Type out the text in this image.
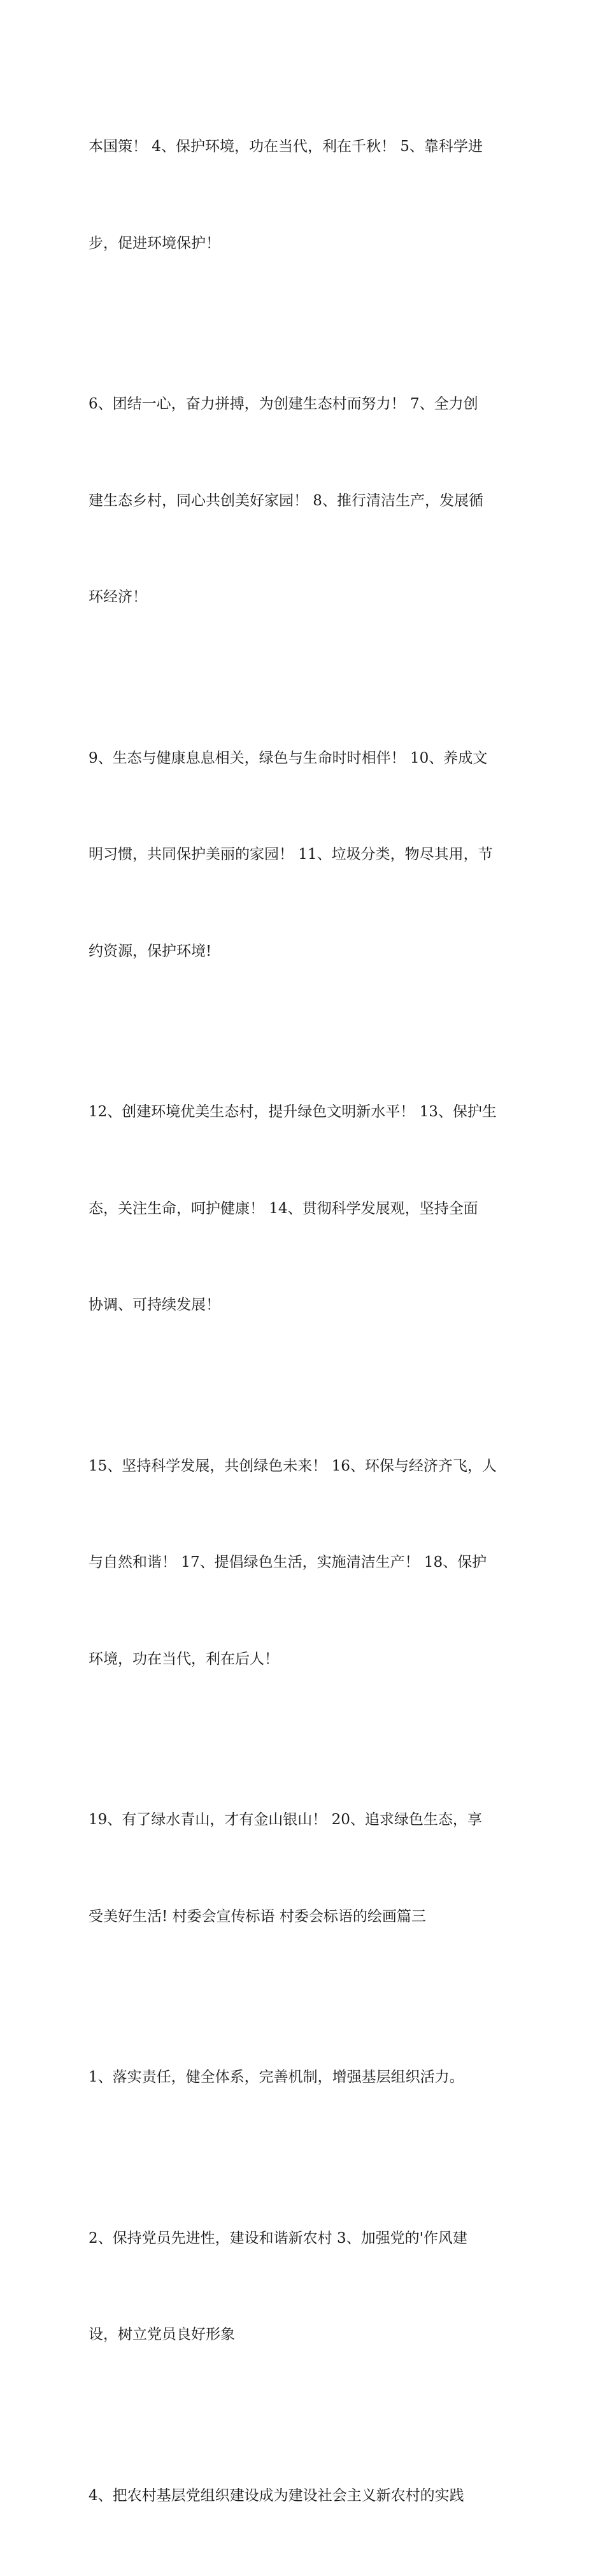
本国策！ 4、保护环境，功在当代，利在千秋！ 5、靠科学进

步，促进环境保护！

6、团结一心，奋力拼搏，为创建生态村而努力！ 7、全力创

建生态乡村，同心共创美好家园！ 8、推行清洁生产，发展循

环经济！

9、生态与健康息息相关，绿色与生命时时相伴！ 10、养成文

明习惯，共同保护美丽的家园！ 11、垃圾分类，物尽其用，节

约资源，保护环境!

12、创建环境优美生态村，提升绿色文明新水平！ 13、保护生

态，关注生命，呵护健康！ 14、贯彻科学发展观，坚持全面

协调、可持续发展！

15、坚持科学发展，共创绿色未来！ 16、环保与经济齐飞，人

与自然和谐！ 17、提倡绿色生活，实施清洁生产！ 18、保护

环境，功在当代，利在后人！

19、有了绿水青山，才有金山银山！ 20、追求绿色生态，享

受美好生活! 村委会宣传标语 村委会标语的绘画篇三

1、落实责任，健全体系，完善机制，增强基层组织活力。

2、保持党员先进性，建设和谐新农村 3、加强党的'作风建

设，树立党员良好形象

4、把农村基层党组织建设成为建设社会主义新农村的实践
